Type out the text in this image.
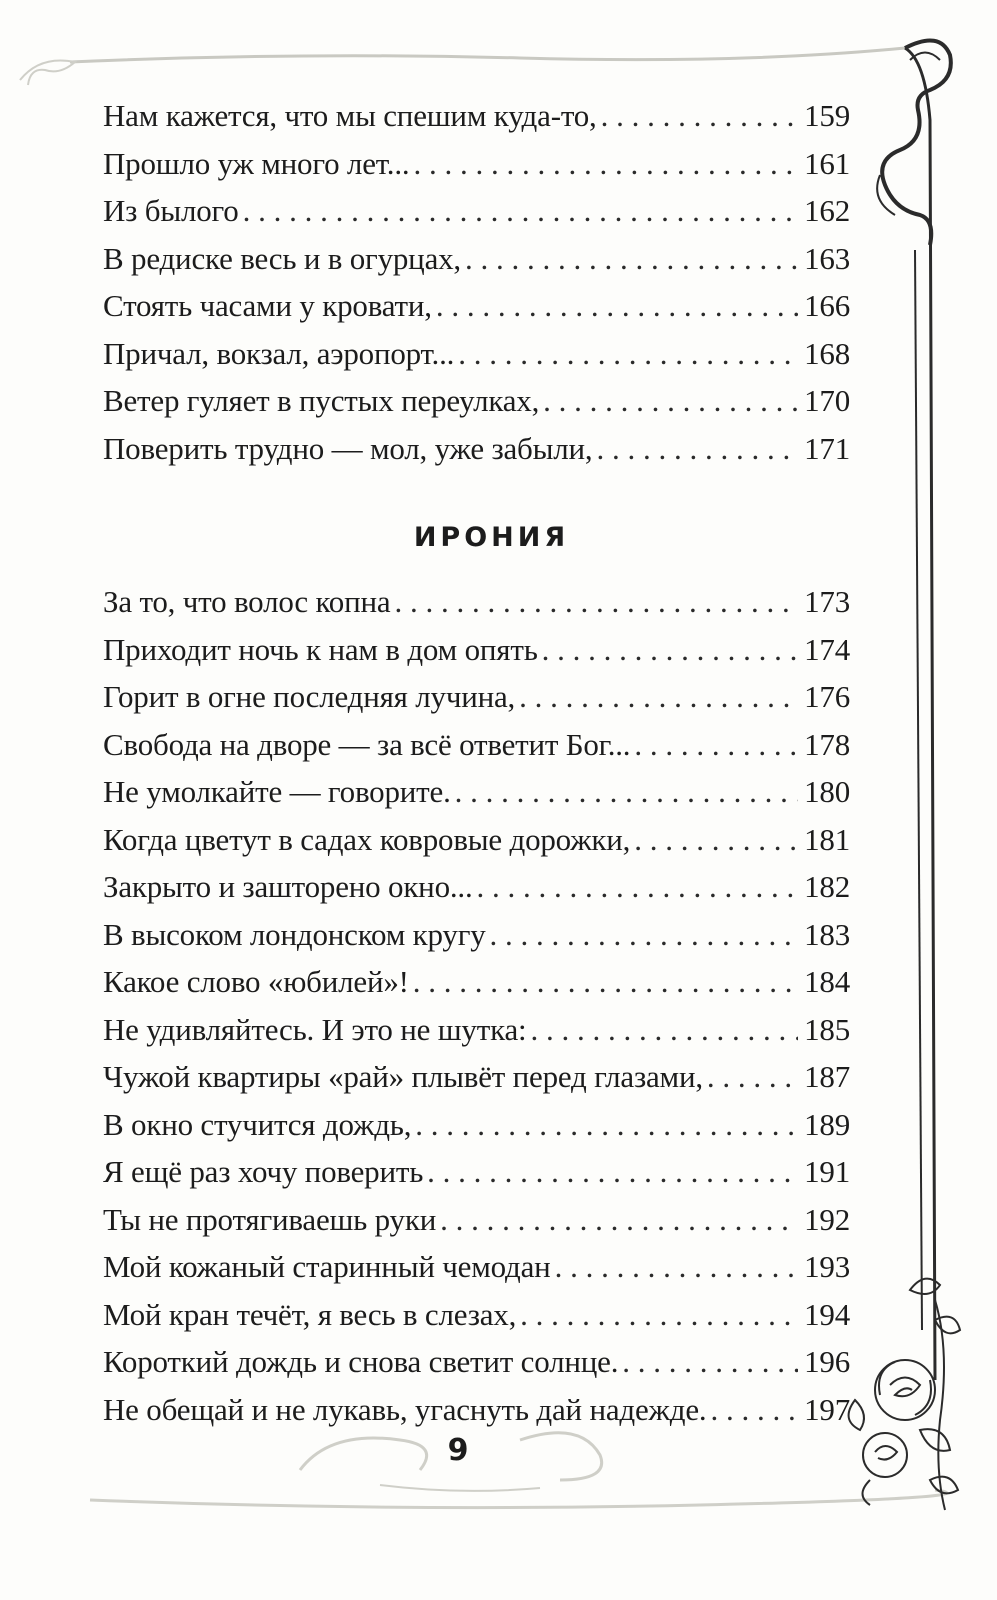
Нам кажется, что мы спешим куда-то, . . .	159
Прошло уж много лет... . . .	161
Из былого . . .	162
В редиске весь и в огурцах, . . .	163
Стоять часами у кровати, . . .	166
Причал, вокзал, аэропорт... . . .	168
Ветер гуляет в пустых переулках, . . .	170
Поверить трудно — мол, уже забыли, . . .	171
ИРОНИЯ
За то, что волос копна . . .	173
Приходит ночь к нам в дом опять . . .	174
Горит в огне последняя лучина, . . .	176
Свобода на дворе — за всё ответит Бог... . . .	178
Не умолкайте — говорите. . . .	180
Когда цветут в садах ковровые дорожки, . . .	181
Закрыто и зашторено окно... . . .	182
В высоком лондонском кругу . . .	183
Какое слово «юбилей»! . . .	184
Не удивляйтесь. И это не шутка: . . .	185
Чужой квартиры «рай» плывёт перед глазами, . . .	187
В окно стучится дождь, . . .	189
Я ещё раз хочу поверить . . .	191
Ты не протягиваешь руки . . .	192
Мой кожаный старинный чемодан . . .	193
Мой кран течёт, я весь в слезах, . . .	194
Короткий дождь и снова светит солнце. . . .	196
Не обещай и не лукавь, угаснуть дай надежде. . . .	197
9
